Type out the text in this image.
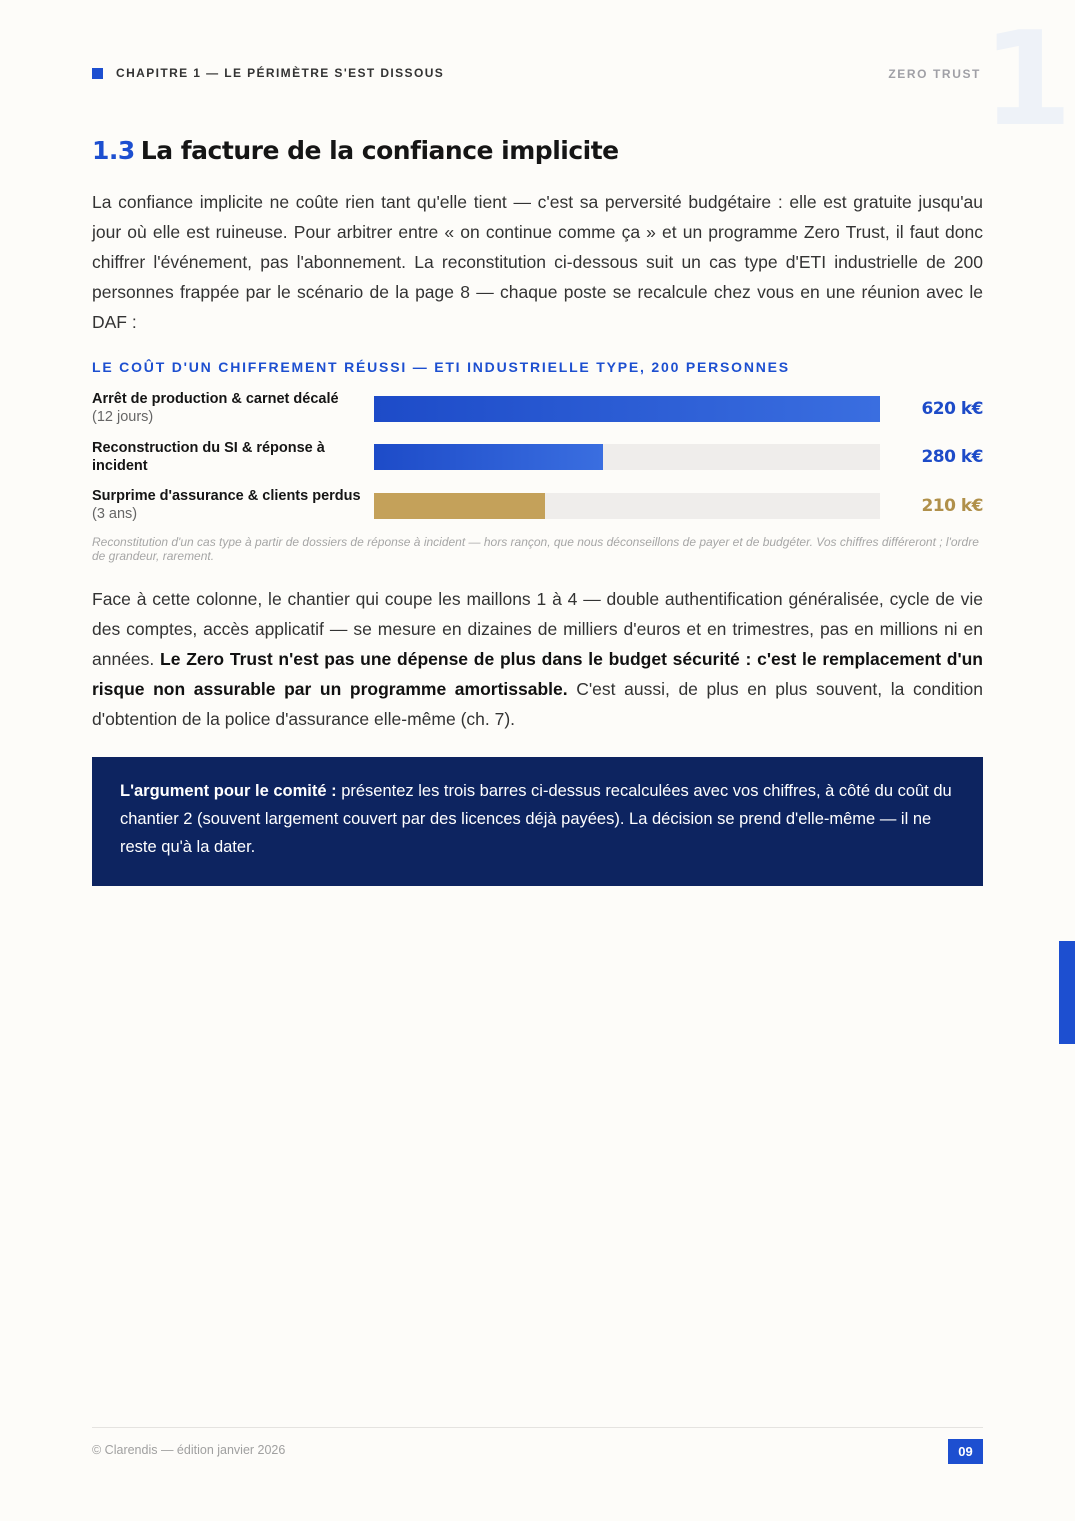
1
CHAPITRE 1 — LE PÉRIMÈTRE S'EST DISSOUS	ZERO TRUST
1.3 La facture de la confiance implicite

La confiance implicite ne coûte rien tant qu'elle tient — c'est sa perversité budgétaire : elle est gratuite jusqu'au jour où elle est ruineuse. Pour arbitrer entre « on continue comme ça » et un programme Zero Trust, il faut donc chiffrer l'événement, pas l'abonnement. La reconstitution ci-dessous suit un cas type d'ETI industrielle de 200 personnes frappée par le scénario de la page 8 — chaque poste se recalcule chez vous en une réunion avec le DAF :

LE COÛT D'UN CHIFFREMENT RÉUSSI — ETI INDUSTRIELLE TYPE, 200 PERSONNES
Arrêt de production & carnet décalé
(12 jours)	620 k€
Reconstruction du SI & réponse à incident	280 k€
Surprime d'assurance & clients perdus (3 ans)	210 k€
Reconstitution d'un cas type à partir de dossiers de réponse à incident — hors rançon, que nous déconseillons de payer et de budgéter. Vos chiffres différeront ; l'ordre de grandeur, rarement.

Face à cette colonne, le chantier qui coupe les maillons 1 à 4 — double authentification généralisée, cycle de vie des comptes, accès applicatif — se mesure en dizaines de milliers d'euros et en trimestres, pas en millions ni en années. Le Zero Trust n'est pas une dépense de plus dans le budget sécurité : c'est le remplacement d'un risque non assurable par un programme amortissable. C'est aussi, de plus en plus souvent, la condition d'obtention de la police d'assurance elle-même (ch. 7).

L'argument pour le comité : présentez les trois barres ci-dessus recalculées avec vos chiffres, à côté du coût du chantier 2 (souvent largement couvert par des licences déjà payées). La décision se prend d'elle-même — il ne reste qu'à la dater.
© Clarendis — édition janvier 2026	09
